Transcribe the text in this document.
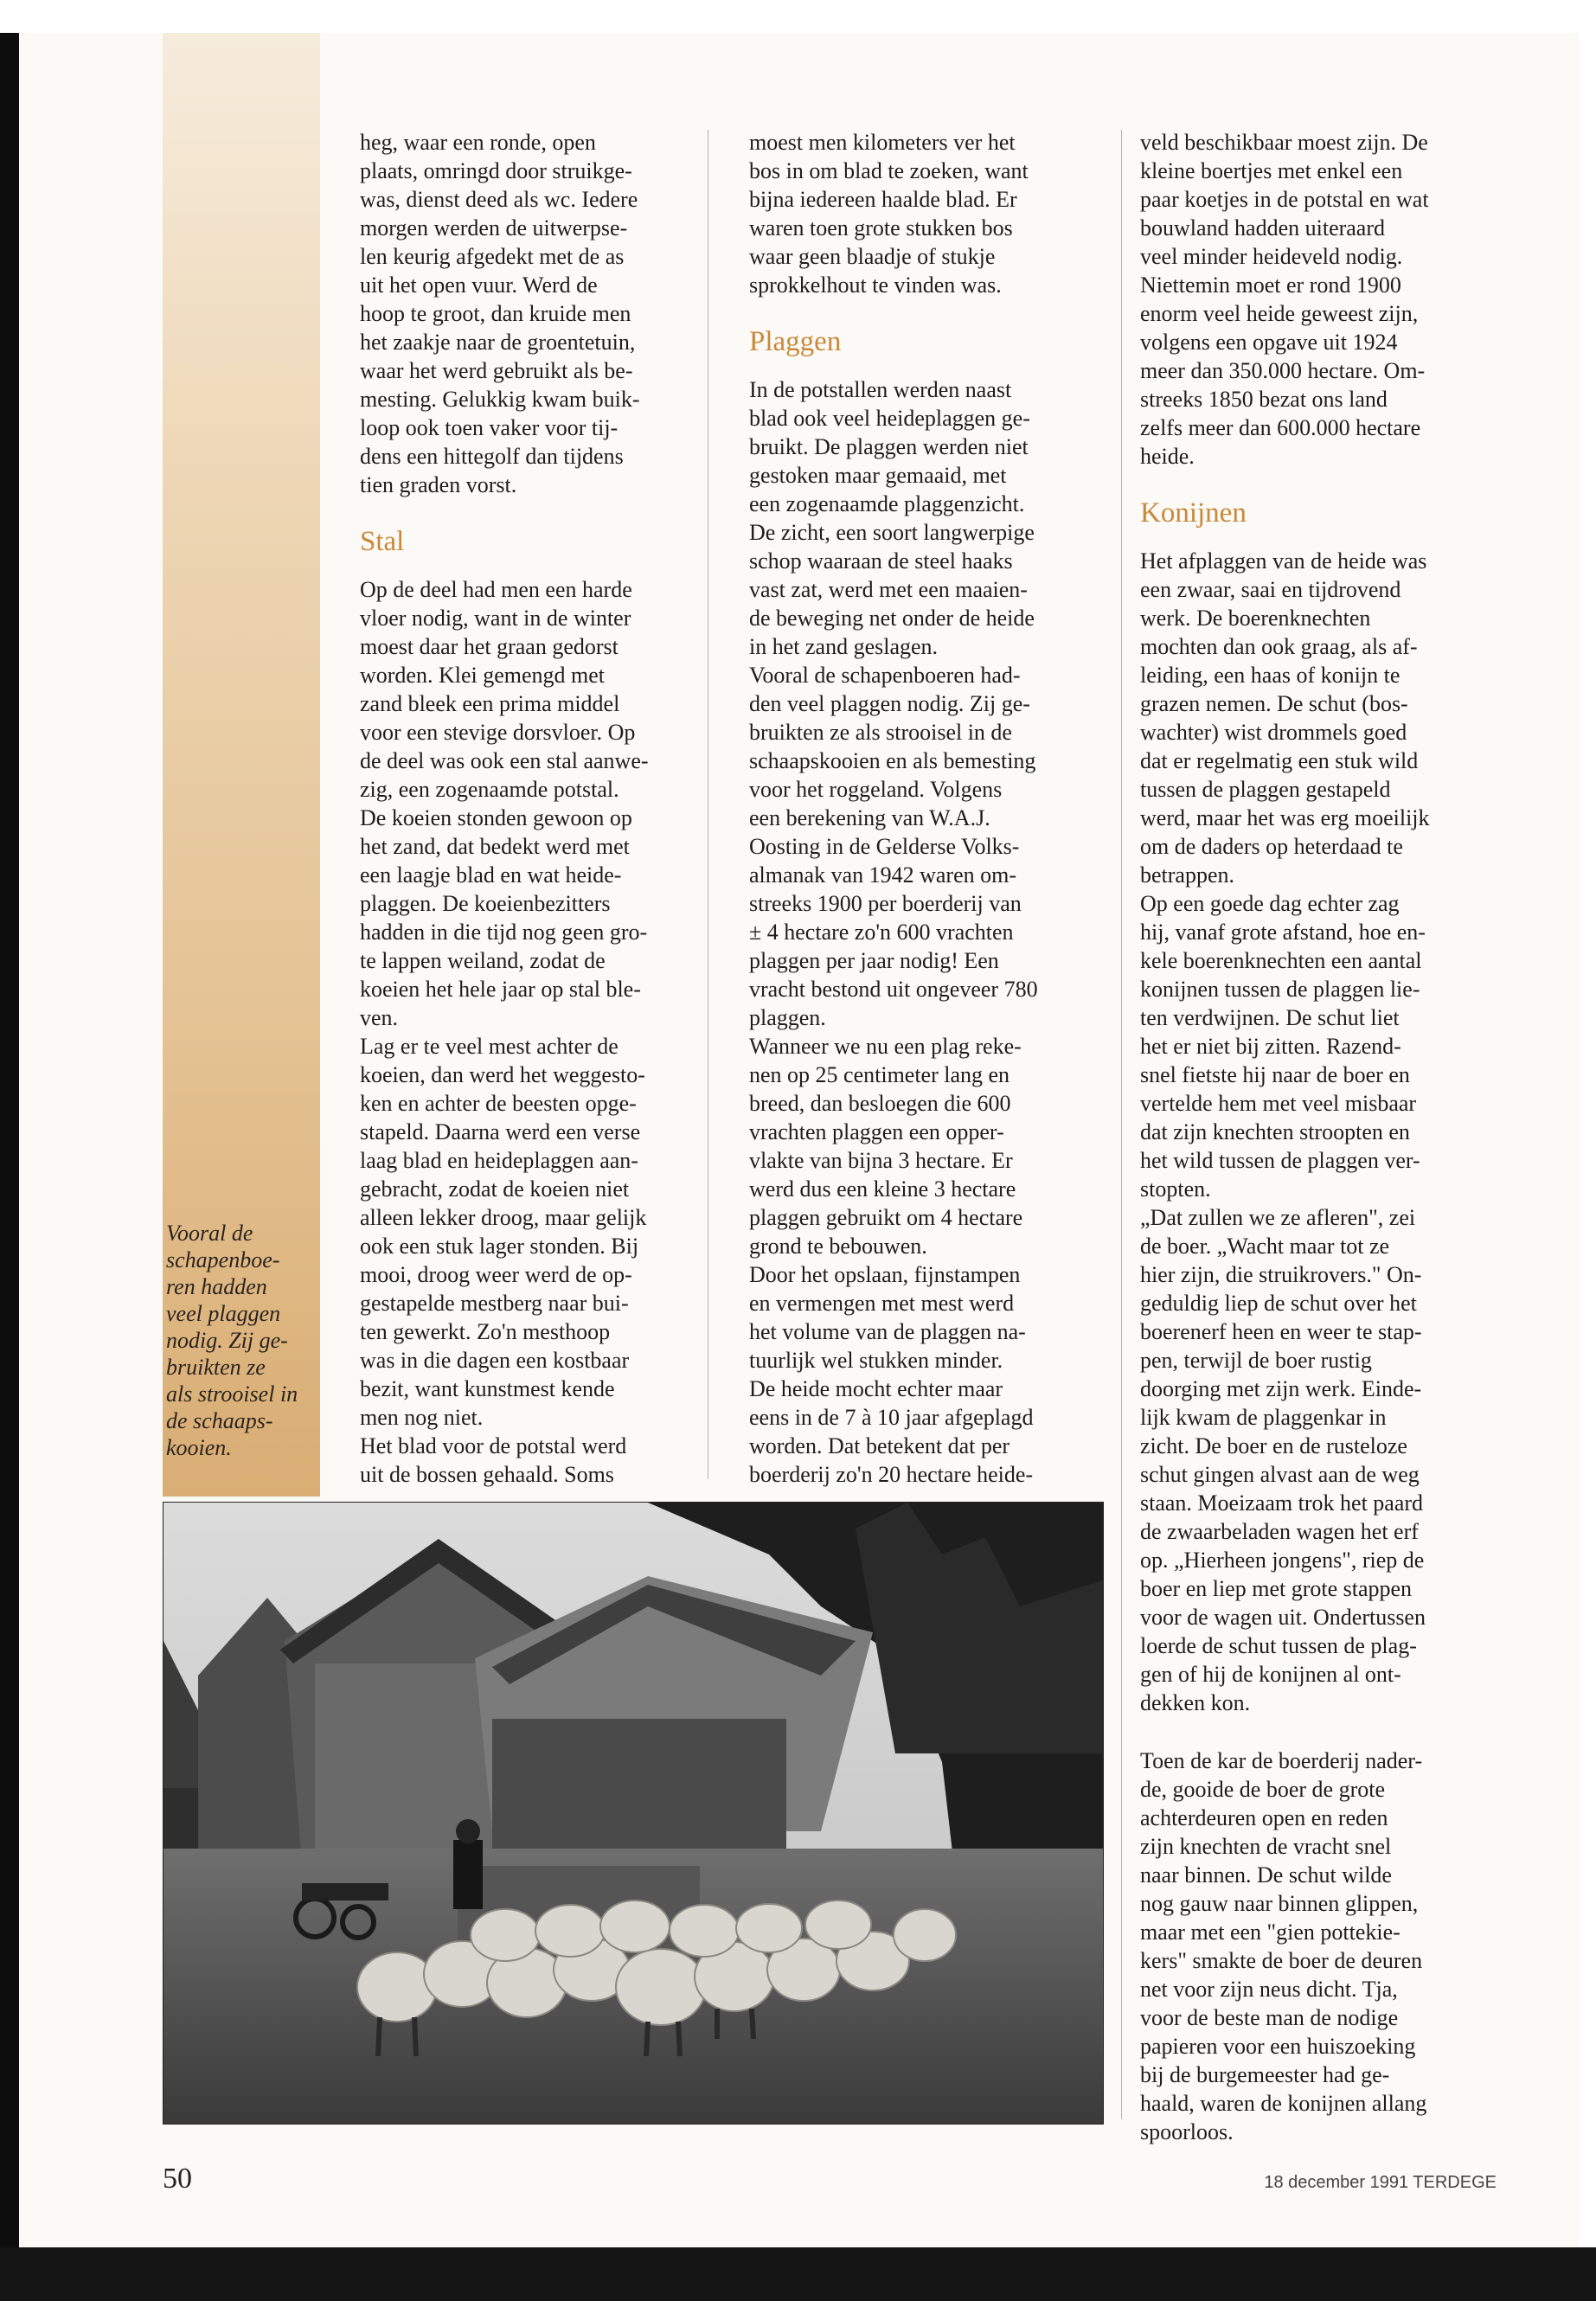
Vooral de
schapenboe-
ren hadden
veel plaggen
nodig. Zij ge-
bruikten ze
als strooisel in
de schaaps-
kooien.

heg, waar een ronde, open
plaats, omringd door struikge-
was, dienst deed als wc. Iedere
morgen werden de uitwerpse-
len keurig afgedekt met de as
uit het open vuur. Werd de
hoop te groot, dan kruide men
het zaakje naar de groentetuin,
waar het werd gebruikt als be-
mesting. Gelukkig kwam buik-
loop ook toen vaker voor tij-
dens een hittegolf dan tijdens
tien graden vorst.

Stal

Op de deel had men een harde
vloer nodig, want in de winter
moest daar het graan gedorst
worden. Klei gemengd met
zand bleek een prima middel
voor een stevige dorsvloer. Op
de deel was ook een stal aanwe-
zig, een zogenaamde potstal.
De koeien stonden gewoon op
het zand, dat bedekt werd met
een laagje blad en wat heide-
plaggen. De koeienbezitters
hadden in die tijd nog geen gro-
te lappen weiland, zodat de
koeien het hele jaar op stal ble-
ven.
Lag er te veel mest achter de
koeien, dan werd het weggesto-
ken en achter de beesten opge-
stapeld. Daarna werd een verse
laag blad en heideplaggen aan-
gebracht, zodat de koeien niet
alleen lekker droog, maar gelijk
ook een stuk lager stonden. Bij
mooi, droog weer werd de op-
gestapelde mestberg naar bui-
ten gewerkt. Zo'n mesthoop
was in die dagen een kostbaar
bezit, want kunstmest kende
men nog niet.
Het blad voor de potstal werd
uit de bossen gehaald. Soms

moest men kilometers ver het
bos in om blad te zoeken, want
bijna iedereen haalde blad. Er
waren toen grote stukken bos
waar geen blaadje of stukje
sprokkelhout te vinden was.

Plaggen

In de potstallen werden naast
blad ook veel heideplaggen ge-
bruikt. De plaggen werden niet
gestoken maar gemaaid, met
een zogenaamde plaggenzicht.
De zicht, een soort langwerpige
schop waaraan de steel haaks
vast zat, werd met een maaien-
de beweging net onder de heide
in het zand geslagen.
Vooral de schapenboeren had-
den veel plaggen nodig. Zij ge-
bruikten ze als strooisel in de
schaapskooien en als bemesting
voor het roggeland. Volgens
een berekening van W.A.J.
Oosting in de Gelderse Volks-
almanak van 1942 waren om-
streeks 1900 per boerderij van
± 4 hectare zo'n 600 vrachten
plaggen per jaar nodig! Een
vracht bestond uit ongeveer 780
plaggen.
Wanneer we nu een plag reke-
nen op 25 centimeter lang en
breed, dan besloegen die 600
vrachten plaggen een opper-
vlakte van bijna 3 hectare. Er
werd dus een kleine 3 hectare
plaggen gebruikt om 4 hectare
grond te bebouwen.
Door het opslaan, fijnstampen
en vermengen met mest werd
het volume van de plaggen na-
tuurlijk wel stukken minder.
De heide mocht echter maar
eens in de 7 à 10 jaar afgeplagd
worden. Dat betekent dat per
boerderij zo'n 20 hectare heide-

veld beschikbaar moest zijn. De
kleine boertjes met enkel een
paar koetjes in de potstal en wat
bouwland hadden uiteraard
veel minder heideveld nodig.
Niettemin moet er rond 1900
enorm veel heide geweest zijn,
volgens een opgave uit 1924
meer dan 350.000 hectare. Om-
streeks 1850 bezat ons land
zelfs meer dan 600.000 hectare
heide.

Konijnen

Het afplaggen van de heide was
een zwaar, saai en tijdrovend
werk. De boerenknechten
mochten dan ook graag, als af-
leiding, een haas of konijn te
grazen nemen. De schut (bos-
wachter) wist drommels goed
dat er regelmatig een stuk wild
tussen de plaggen gestapeld
werd, maar het was erg moeilijk
om de daders op heterdaad te
betrappen.
Op een goede dag echter zag
hij, vanaf grote afstand, hoe en-
kele boerenknechten een aantal
konijnen tussen de plaggen lie-
ten verdwijnen. De schut liet
het er niet bij zitten. Razend-
snel fietste hij naar de boer en
vertelde hem met veel misbaar
dat zijn knechten stroopten en
het wild tussen de plaggen ver-
stopten.
„Dat zullen we ze afleren", zei
de boer. „Wacht maar tot ze
hier zijn, die struikrovers." On-
geduldig liep de schut over het
boerenerf heen en weer te stap-
pen, terwijl de boer rustig
doorging met zijn werk. Einde-
lijk kwam de plaggenkar in
zicht. De boer en de rusteloze
schut gingen alvast aan de weg
staan. Moeizaam trok het paard
de zwaarbeladen wagen het erf
op. „Hierheen jongens", riep de
boer en liep met grote stappen
voor de wagen uit. Ondertussen
loerde de schut tussen de plag-
gen of hij de konijnen al ont-
dekken kon.

Toen de kar de boerderij nader-
de, gooide de boer de grote
achterdeuren open en reden
zijn knechten de vracht snel
naar binnen. De schut wilde
nog gauw naar binnen glippen,
maar met een "gien pottekie-
kers" smakte de boer de deuren
net voor zijn neus dicht. Tja,
voor de beste man de nodige
papieren voor een huiszoeking
bij de burgemeester had ge-
haald, waren de konijnen allang
spoorloos.

50	18 december 1991 TERDEGE
